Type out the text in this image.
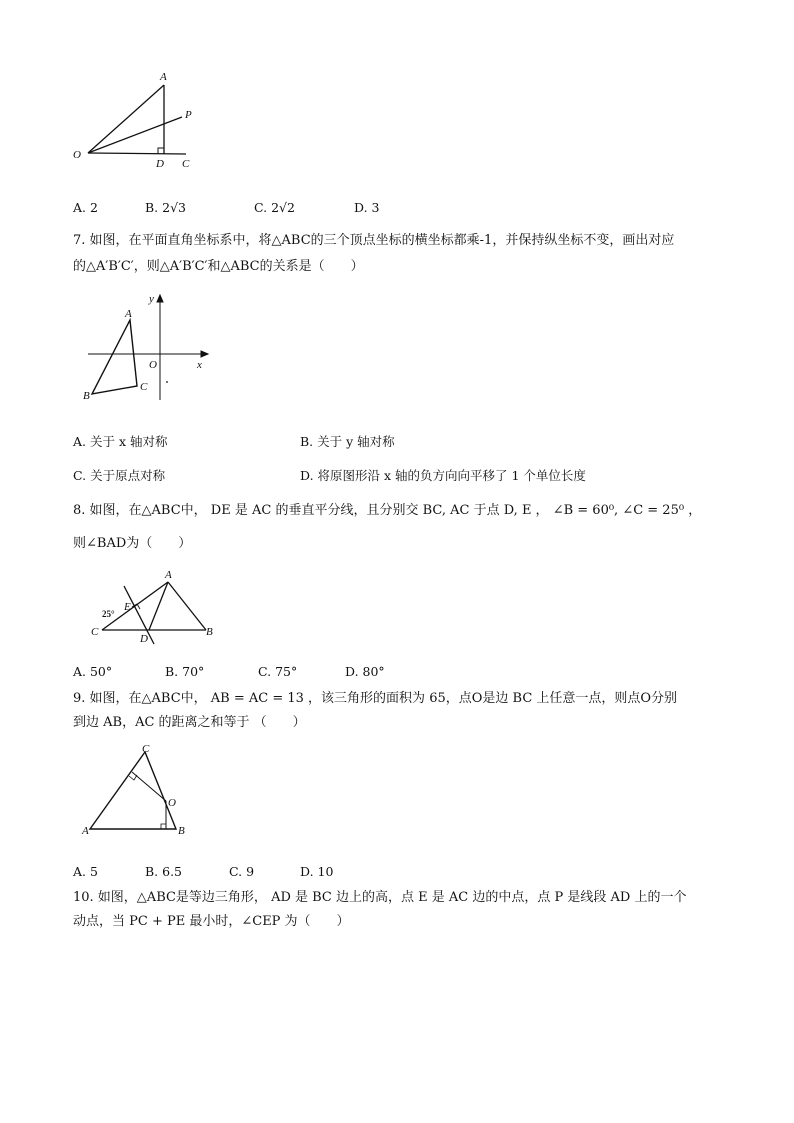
A
P
O
D C
A. 2	B. 2√3	C. 2√2	D. 3
7. 如图，在平面直角坐标系中，将△ABC的三个顶点坐标的横坐标都乘-1，并保持纵坐标不变，画出对应
的△A′B′C′，则△A′B′C′和△ABC的关系是（　　）
y
A
O	x
C
B
A. 关于 x 轴对称	B. 关于 y 轴对称
C. 关于原点对称	D. 将原图形沿 x 轴的负方向向平移了 1 个单位长度
8. 如图，在△ABC中， DE 是 AC 的垂直平分线，且分别交 BC, AC 于点 D, E ， ∠B = 60⁰, ∠C = 25⁰ ，
则∠BAD为（　　）
A
25°
E
C
D
B
A. 50°	B. 70°	C. 75°	D. 80°
9. 如图，在△ABC中， AB = AC = 13 ，该三角形的面积为 65，点O是边 BC 上任意一点，则点O分别
到边 AB，AC 的距离之和等于 （　　）
C
O
A	B
A. 5	B. 6.5	C. 9	D. 10
10. 如图，△ABC是等边三角形， AD 是 BC 边上的高，点 E 是 AC 边的中点，点 P 是线段 AD 上的一个
动点，当 PC + PE 最小时，∠CEP 为（　　）
